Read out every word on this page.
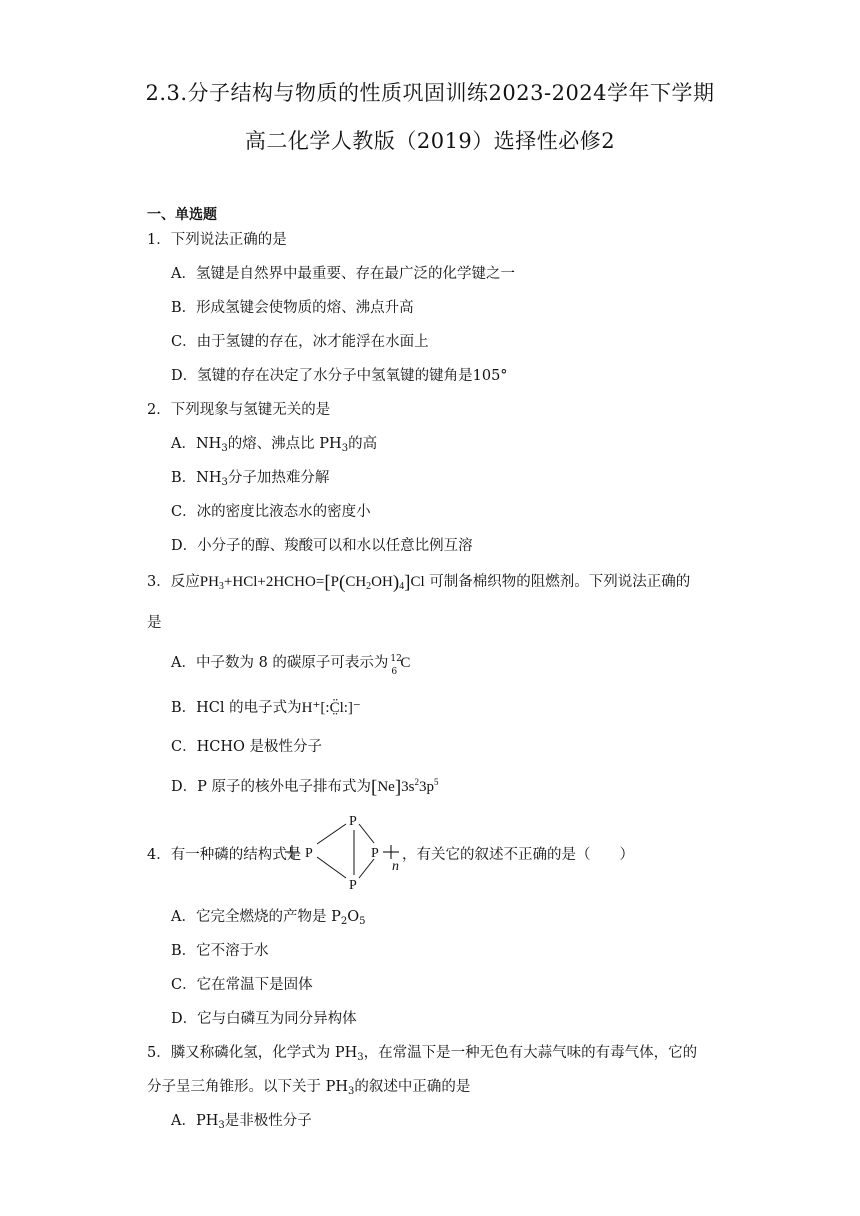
2.3.分子结构与物质的性质巩固训练2023-2024学年下学期
高二化学人教版（2019）选择性必修2
一、单选题
1．下列说法正确的是
A．氢键是自然界中最重要、存在最广泛的化学键之一
B．形成氢键会使物质的熔、沸点升高
C．由于氢键的存在，冰才能浮在水面上
D．氢键的存在决定了水分子中氢氧键的键角是105°
2．下列现象与氢键无关的是
A．$NH_3$的熔、沸点比 $PH_3$的高
B．$NH_3$分子加热难分解
C．冰的密度比液态水的密度小
D．小分子的醇、羧酸可以和水以任意比例互溶
3．反应$PH_3+HCl+2HCHO=[P(CH_2OH)_4]Cl$ 可制备棉织物的阻燃剂。下列说法正确的
是
A．中子数为 8 的碳原子可表示为 12
6
C
B．HCl 的电子式为H⁺[:C̤̈l:]⁻
C．HCHO 是极性分子
D．P 原子的核外电子排布式为$[Ne]3s^23p^5$
4．有一种磷的结构式是 P
P
P
P
n
，有关它的叙述不正确的是（　　）
A．它完全燃烧的产物是 $P_2O_5$
B．它不溶于水
C．它在常温下是固体
D．它与白磷互为同分异构体
5．膦又称磷化氢，化学式为 $PH_3$，在常温下是一种无色有大蒜气味的有毒气体，它的
分子呈三角锥形。以下关于 $PH_3$的叙述中正确的是
A．$PH_3$是非极性分子
